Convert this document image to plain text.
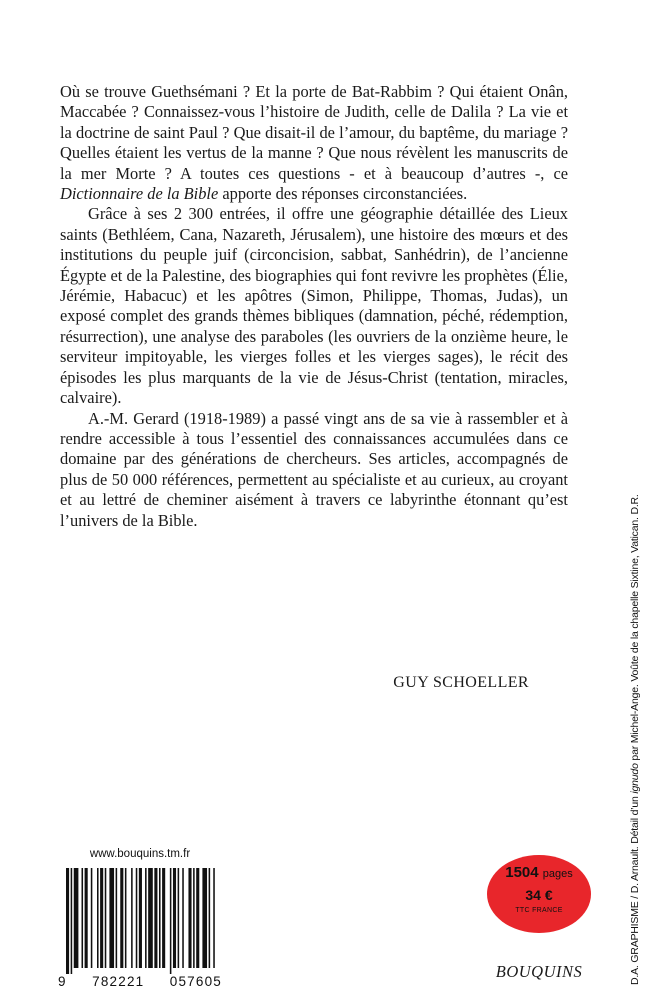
Où se trouve Guethsémani ? Et la porte de Bat-Rabbim ? Qui étaient Onân, Maccabée ? Connaissez-vous l’histoire de Judith, celle de Dalila ? La vie et la doctrine de saint Paul ? Que disait-il de l’amour, du baptême, du mariage ? Quelles étaient les vertus de la manne ? Que nous révèlent les manuscrits de la mer Morte ? A toutes ces questions - et à beaucoup d’autres -, ce Dictionnaire de la Bible apporte des réponses circonstanciées.

Grâce à ses 2 300 entrées, il offre une géographie détaillée des Lieux saints (Bethléem, Cana, Nazareth, Jérusalem), une histoire des mœurs et des institutions du peuple juif (circoncision, sabbat, Sanhédrin), de l’ancienne Égypte et de la Palestine, des biographies qui font revivre les prophètes (Élie, Jérémie, Habacuc) et les apôtres (Simon, Philippe, Thomas, Judas), un exposé complet des grands thèmes bibliques (damnation, péché, rédemption, résurrection), une analyse des paraboles (les ouvriers de la onzième heure, le serviteur impitoyable, les vierges folles et les vierges sages), le récit des épisodes les plus marquants de la vie de Jésus-Christ (tentation, miracles, calvaire).

A.-M. Gerard (1918-1989) a passé vingt ans de sa vie à rassembler et à rendre accessible à tous l’essentiel des connaissances accumulées dans ce domaine par des générations de chercheurs. Ses articles, accompagnés de plus de 50 000 références, permettent au spécialiste et au curieux, au croyant et au lettré de cheminer aisément à travers ce labyrinthe étonnant qu’est l’univers de la Bible.

GUY SCHOELLER
www.bouquins.tm.fr
9 782221 057605
1504 pages
34 €
TTC FRANCE
BOUQUINS	D.A. GRAPHISME / D. Arnault. Détail d’un ignudo par Michel-Ange. Voûte de la chapelle Sixtine, Vatican. D.R.
